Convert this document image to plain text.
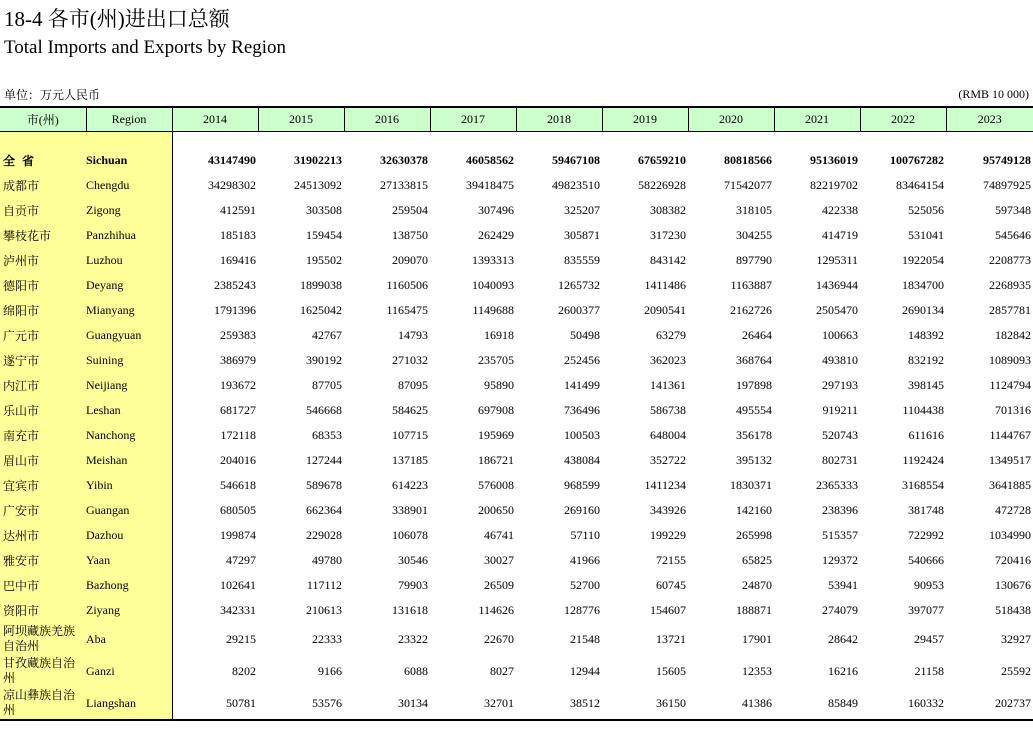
18-4 各市(州)进出口总额
Total Imports and Exports by Region
单位：万元人民币	(RMB 10 000)
市(州)	Region	2014	2015	2016	2017	2018	2019	2020	2021	2022	2023

全 省	Sichuan	43147490	31902213	32630378	46058562	59467108	67659210	80818566	95136019	100767282	95749128
成都市	Chengdu	34298302	24513092	27133815	39418475	49823510	58226928	71542077	82219702	83464154	74897925
自贡市	Zigong	412591	303508	259504	307496	325207	308382	318105	422338	525056	597348
攀枝花市	Panzhihua	185183	159454	138750	262429	305871	317230	304255	414719	531041	545646
泸州市	Luzhou	169416	195502	209070	1393313	835559	843142	897790	1295311	1922054	2208773
德阳市	Deyang	2385243	1899038	1160506	1040093	1265732	1411486	1163887	1436944	1834700	2268935
绵阳市	Mianyang	1791396	1625042	1165475	1149688	2600377	2090541	2162726	2505470	2690134	2857781
广元市	Guangyuan	259383	42767	14793	16918	50498	63279	26464	100663	148392	182842
遂宁市	Suining	386979	390192	271032	235705	252456	362023	368764	493810	832192	1089093
内江市	Neijiang	193672	87705	87095	95890	141499	141361	197898	297193	398145	1124794
乐山市	Leshan	681727	546668	584625	697908	736496	586738	495554	919211	1104438	701316
南充市	Nanchong	172118	68353	107715	195969	100503	648004	356178	520743	611616	1144767
眉山市	Meishan	204016	127244	137185	186721	438084	352722	395132	802731	1192424	1349517
宜宾市	Yibin	546618	589678	614223	576008	968599	1411234	1830371	2365333	3168554	3641885
广安市	Guangan	680505	662364	338901	200650	269160	343926	142160	238396	381748	472728
达州市	Dazhou	199874	229028	106078	46741	57110	199229	265998	515357	722992	1034990
雅安市	Yaan	47297	49780	30546	30027	41966	72155	65825	129372	540666	720416
巴中市	Bazhong	102641	117112	79903	26509	52700	60745	24870	53941	90953	130676
资阳市	Ziyang	342331	210613	131618	114626	128776	154607	188871	274079	397077	518438
阿坝藏族羌族自治州	Aba	29215	22333	23322	22670	21548	13721	17901	28642	29457	32927
甘孜藏族自治州	Ganzi	8202	9166	6088	8027	12944	15605	12353	16216	21158	25592
凉山彝族自治州	Liangshan	50781	53576	30134	32701	38512	36150	41386	85849	160332	202737
